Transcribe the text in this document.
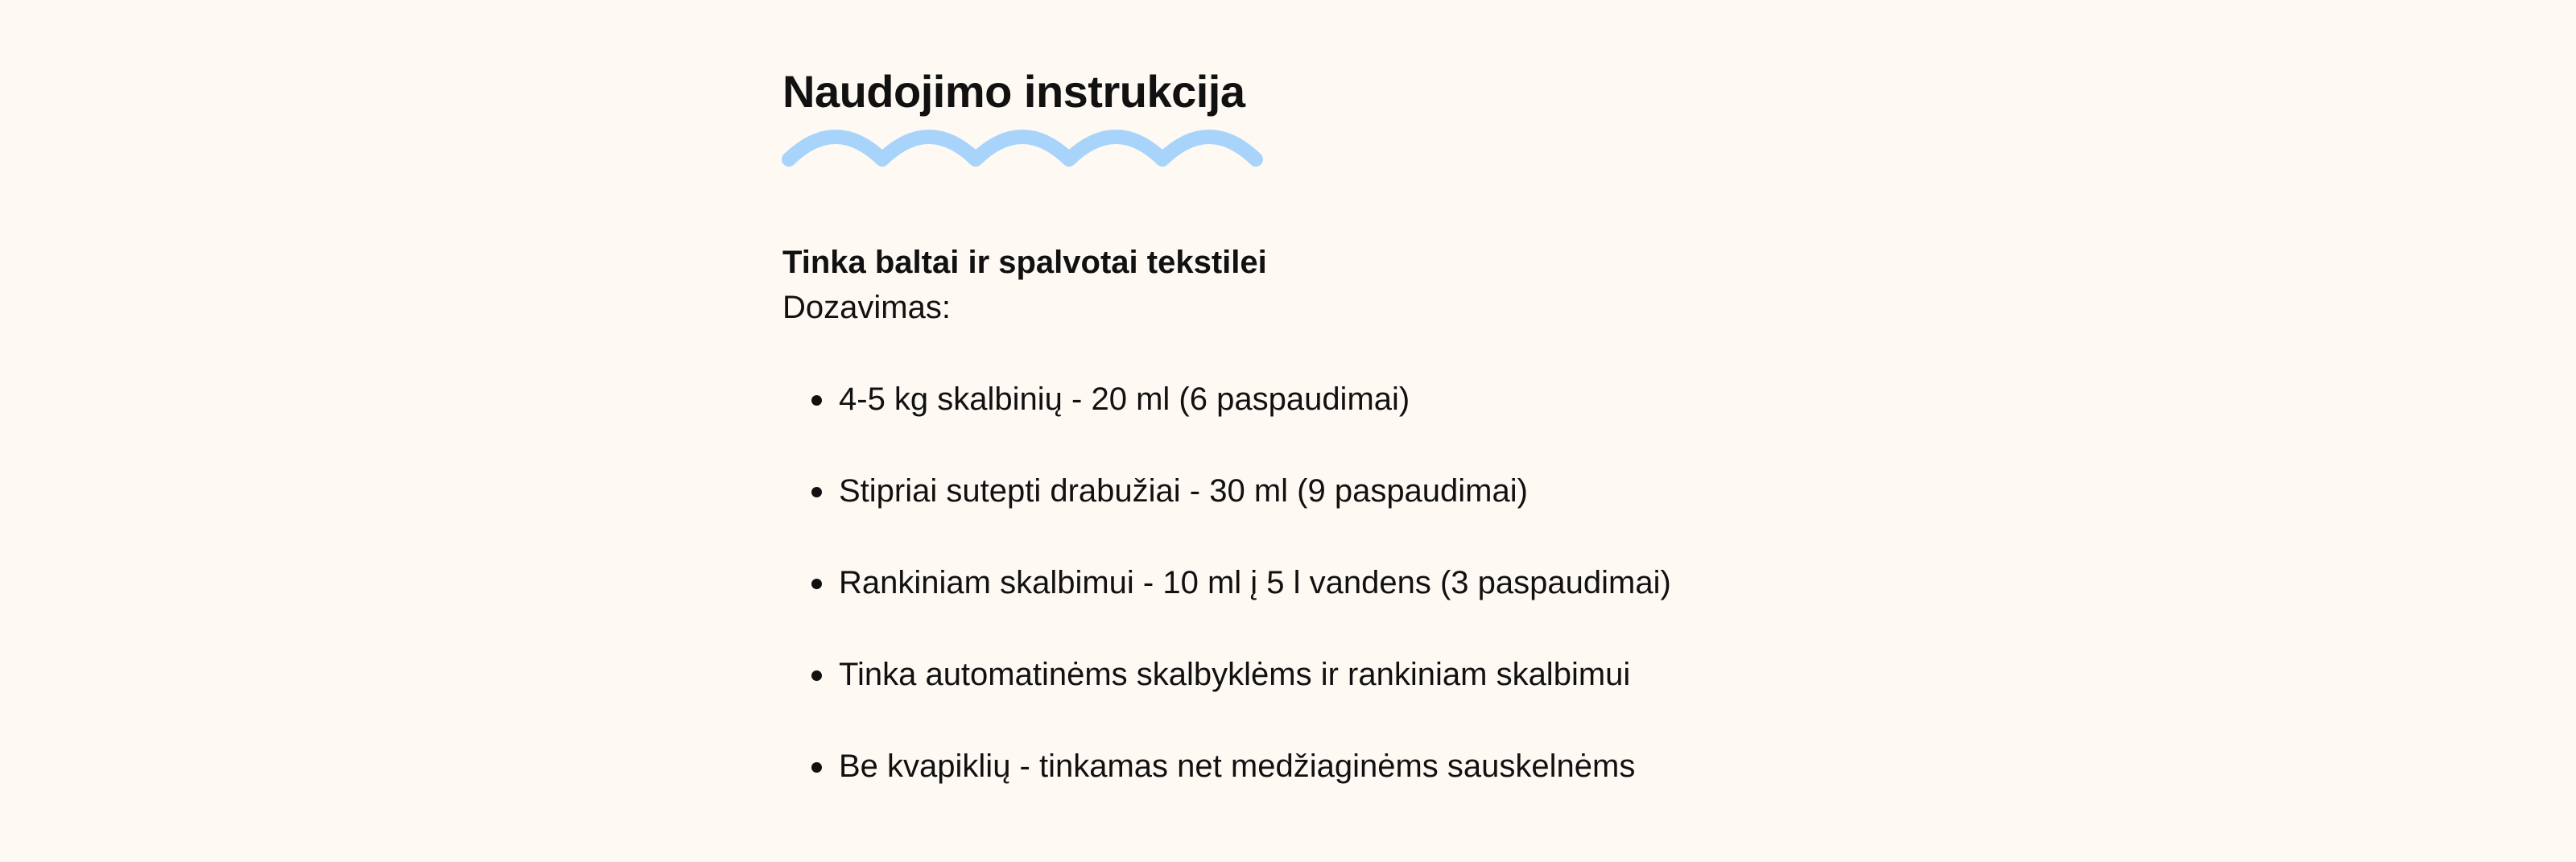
Naudojimo instrukcija

Tinka baltai ir spalvotai tekstilei

Dozavimas:

4-5 kg skalbinių - 20 ml (6 paspaudimai)
Stipriai sutepti drabužiai - 30 ml (9 paspaudimai)
Rankiniam skalbimui - 10 ml į 5 l vandens (3 paspaudimai)
Tinka automatinėms skalbyklėms ir rankiniam skalbimui
Be kvapiklių - tinkamas net medžiaginėms sauskelnėms
